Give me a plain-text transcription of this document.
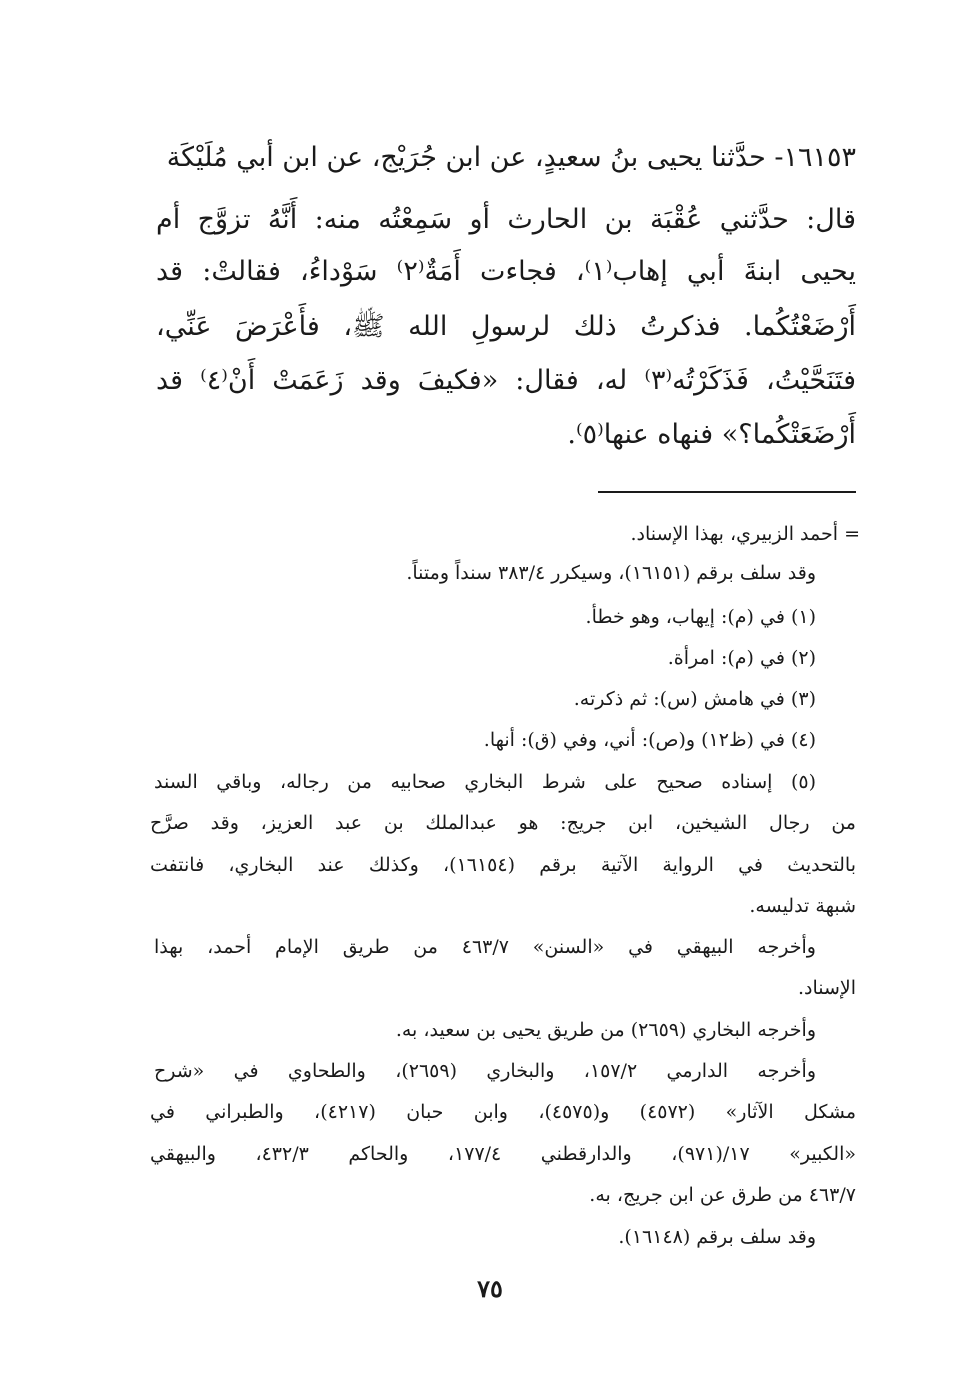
١٦١٥٣- حدَّثنا يحيى بنُ سعيدٍ، عن ابن جُرَيْج، عن ابن أبي مُلَيْكَة
قال: حدَّثني عُقْبَة بن الحارث أو سَمِعْتُه منه: أَنَّهُ تزوَّج أم
يحيى ابنةَ أبي إهاب⁽١⁾، فجاءت أَمَةٌ⁽٢⁾ سَوْداءُ، فقالتْ: قد
أَرْضَعْتُكُما. فذكرتُ ذلك لرسولِ الله ﷺ، فأَعْرَضَ عَنِّي،
فتَنَحَّيْتُ، فَذَكَرْتُه⁽٣⁾ له، فقال: «فكيفَ وقد زَعَمَتْ أَنْ⁽٤⁾ قد
أَرْضَعَتْكُما؟» فنهاه عنها⁽٥⁾.
= أحمد الزبيري، بهذا الإسناد.
وقد سلف برقم (١٦١٥١)، وسيكرر ٣٨٣/٤ سنداً ومتناً.
(١) في (م): إيهاب، وهو خطأ.
(٢) في (م): امرأة.
(٣) في هامش (س): ثم ذكرته.
(٤) في (ظ١٢) و(ص): أني، وفي (ق): أنها.
(٥) إسناده صحيح على شرط البخاري صحابيه من رجاله، وباقي السند
من رجال الشيخين، ابن جريج: هو عبدالملك بن عبد العزيز، وقد صرَّح
بالتحديث في الرواية الآتية برقم (١٦١٥٤)، وكذلك عند البخاري، فانتفت
شبهة تدليسه.
وأخرجه البيهقي في «السنن» ٤٦٣/٧ من طريق الإمام أحمد، بهذا
الإسناد.
وأخرجه البخاري (٢٦٥٩) من طريق يحيى بن سعيد، به.
وأخرجه الدارمي ١٥٧/٢، والبخاري (٢٦٥٩)، والطحاوي في «شرح
مشكل الآثار» (٤٥٧٢) و(٤٥٧٥)، وابن حبان (٤٢١٧)، والطبراني في
«الكبير» ١٧/(٩٧١)، والدارقطني ١٧٧/٤، والحاكم ٤٣٢/٣، والبيهقي
٤٦٣/٧ من طرق عن ابن جريج، به.
وقد سلف برقم (١٦١٤٨).
٧٥
